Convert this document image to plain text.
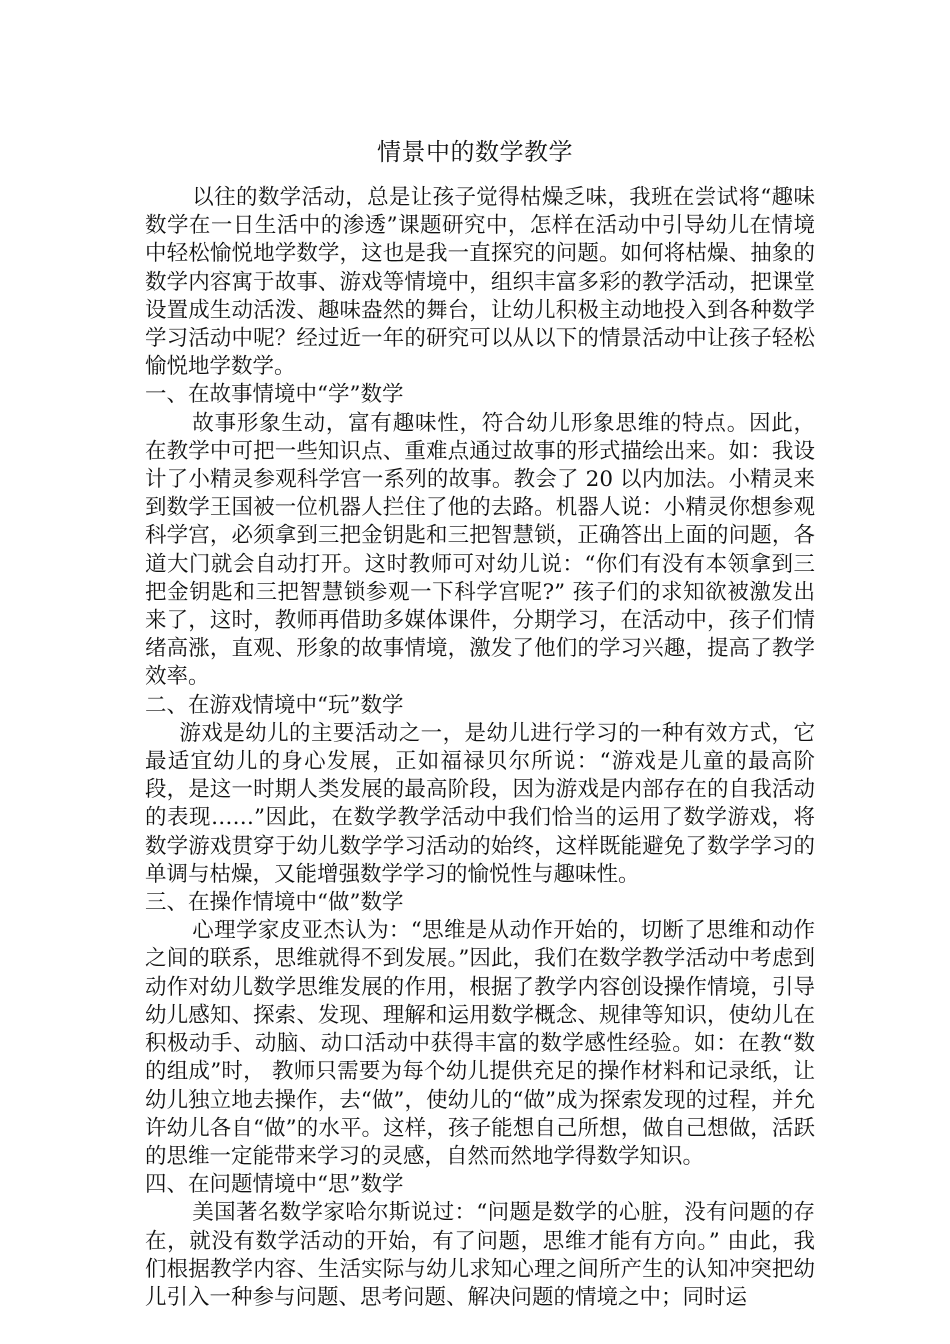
情景中的数学教学

以往的数学活动，总是让孩子觉得枯燥乏味，我班在尝试将“趣味数学在一日生活中的渗透”课题研究中，怎样在活动中引导幼儿在情境中轻松愉悦地学数学，这也是我一直探究的问题。如何将枯燥、抽象的数学内容寓于故事、游戏等情境中，组织丰富多彩的教学活动，把课堂设置成生动活泼、趣味盎然的舞台，让幼儿积极主动地投入到各种数学学习活动中呢？经过近一年的研究可以从以下的情景活动中让孩子轻松愉悦地学数学。

一、在故事情境中“学”数学

故事形象生动，富有趣味性，符合幼儿形象思维的特点。因此，在教学中可把一些知识点、重难点通过故事的形式描绘出来。如：我设计了小精灵参观科学宫一系列的故事。教会了 20 以内加法。小精灵来到数学王国被一位机器人拦住了他的去路。机器人说：小精灵你想参观科学宫，必须拿到三把金钥匙和三把智慧锁，正确答出上面的问题，各道大门就会自动打开。这时教师可对幼儿说：“你们有没有本领拿到三把金钥匙和三把智慧锁参观一下科学宫呢?” 孩子们的求知欲被激发出来了，这时，教师再借助多媒体课件，分期学习，在活动中，孩子们情绪高涨，直观、形象的故事情境，激发了他们的学习兴趣，提高了教学效率。

二、在游戏情境中“玩”数学

游戏是幼儿的主要活动之一，是幼儿进行学习的一种有效方式，它最适宜幼儿的身心发展，正如福禄贝尔所说：“游戏是儿童的最高阶段，是这一时期人类发展的最高阶段，因为游戏是内部存在的自我活动的表现……”因此，在数学教学活动中我们恰当的运用了数学游戏，将数学游戏贯穿于幼儿数学学习活动的始终，这样既能避免了数学学习的单调与枯燥，又能增强数学学习的愉悦性与趣味性。

三、在操作情境中“做”数学

心理学家皮亚杰认为：“思维是从动作开始的，切断了思维和动作之间的联系，思维就得不到发展。”因此，我们在数学教学活动中考虑到动作对幼儿数学思维发展的作用，根据了教学内容创设操作情境，引导幼儿感知、探索、发现、理解和运用数学概念、规律等知识，使幼儿在积极动手、动脑、动口活动中获得丰富的数学感性经验。如：在教“数的组成”时， 教师只需要为每个幼儿提供充足的操作材料和记录纸，让幼儿独立地去操作，去“做”，使幼儿的“做”成为探索发现的过程，并允许幼儿各自“做”的水平。这样，孩子能想自己所想，做自己想做，活跃的思维一定能带来学习的灵感，自然而然地学得数学知识。

四、在问题情境中“思”数学

美国著名数学家哈尔斯说过：“问题是数学的心脏，没有问题的存在，就没有数学活动的开始，有了问题，思维才能有方向。” 由此，我们根据教学内容、生活实际与幼儿求知心理之间所产生的认知冲突把幼儿引入一种参与问题、思考问题、解决问题的情境之中；同时运
